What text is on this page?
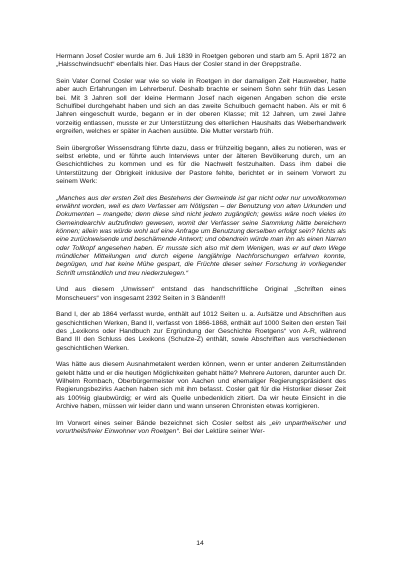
Hermann Josef Cosler wurde am 6. Juli 1839 in Roetgen geboren und starb am 5. April 1872 an „Halsschwindsucht“ ebenfalls hier. Das Haus der Cosler stand in der Greppstraße.

Sein Vater Cornel Cosler war wie so viele in Roetgen in der damaligen Zeit Hausweber, hatte aber auch Erfahrungen im Lehrerberuf. Deshalb brachte er seinem Sohn sehr früh das Lesen bei. Mit 3 Jahren soll der kleine Hermann Josef nach eigenen Angaben schon die erste Schulfibel durchgehabt haben und sich an das zweite Schulbuch gemacht haben. Als er mit 6 Jahren eingeschult wurde, begann er in der oberen Klasse; mit 12 Jahren, um zwei Jahre vorzeitig entlassen, musste er zur Unterstützung des elterlichen Haushalts das Weberhandwerk ergreifen, welches er später in Aachen ausübte. Die Mutter verstarb früh.

Sein übergroßer Wissensdrang führte dazu, dass er frühzeitig begann, alles zu notieren, was er selbst erlebte, und er führte auch Interviews unter der älteren Bevölkerung durch, um an Geschichtliches zu kommen und es für die Nachwelt festzuhalten. Dass ihm dabei die Unterstützung der Obrigkeit inklusive der Pastore fehlte, berichtet er in seinem Vorwort zu seinem Werk:

„Manches aus der ersten Zeit des Bestehens der Gemeinde ist gar nicht oder nur unvollkommen erwähnt worden, weil es dem Verfasser am Nötigsten – der Benutzung von alten Urkunden und Dokumenten – mangelte; denn diese sind nicht jedem zugänglich; gewiss wäre noch vieles im Gemeindearchiv aufzufinden gewesen, womit der Verfasser seine Sammlung hätte bereichern können; allein was würde wohl auf eine Anfrage um Benutzung derselben erfolgt sein? Nichts als eine zurückweisende und beschämende Antwort; und obendrein würde man ihn als einen Narren oder Tollkopf angesehen haben. Er musste sich also mit dem Wenigen, was er auf dem Wege mündlicher Mitteilungen und durch eigene langjährige Nachforschungen erfahren konnte, begnügen, und hat keine Mühe gespart, die Früchte dieser seiner Forschung in vorliegender Schrift umständlich und treu niederzulegen.“

Und aus diesem „Unwissen“ entstand das handschriftliche Original „Schriften eines Monscheuers“ von insgesamt 2392 Seiten in 3 Bänden!!!

Band I, der ab 1864 verfasst wurde, enthält auf 1012 Seiten u. a. Aufsätze und Abschriften aus geschichtlichen Werken, Band II, verfasst von 1866-1868, enthält auf 1000 Seiten den ersten Teil des „Lexikons oder Handbuch zur Ergründung der Geschichte Roetgens“ von A-R, während Band III den Schluss des Lexikons (Schulze-Z) enthält, sowie Abschriften aus verschiedenen geschichtlichen Werken.

Was hätte aus diesem Ausnahmetalent werden können, wenn er unter anderen Zeitumständen gelebt hätte und er die heutigen Möglichkeiten gehabt hätte? Mehrere Autoren, darunter auch Dr. Wilhelm Rombach, Oberbürgermeister von Aachen und ehemaliger Regierungspräsident des Regierungsbezirks Aachen haben sich mit ihm befasst. Cosler galt für die Historiker dieser Zeit als 100%ig glaubwürdig; er wird als Quelle unbedenklich zitiert. Da wir heute Einsicht in die Archive haben, müssen wir leider dann und wann unseren Chronisten etwas korrigieren.

Im Vorwort eines seiner Bände bezeichnet sich Cosler selbst als „ein unpartheiischer und vorurtheilsfreier Einwohner von Roetgen“. Bei der Lektüre seiner Wer-

14
